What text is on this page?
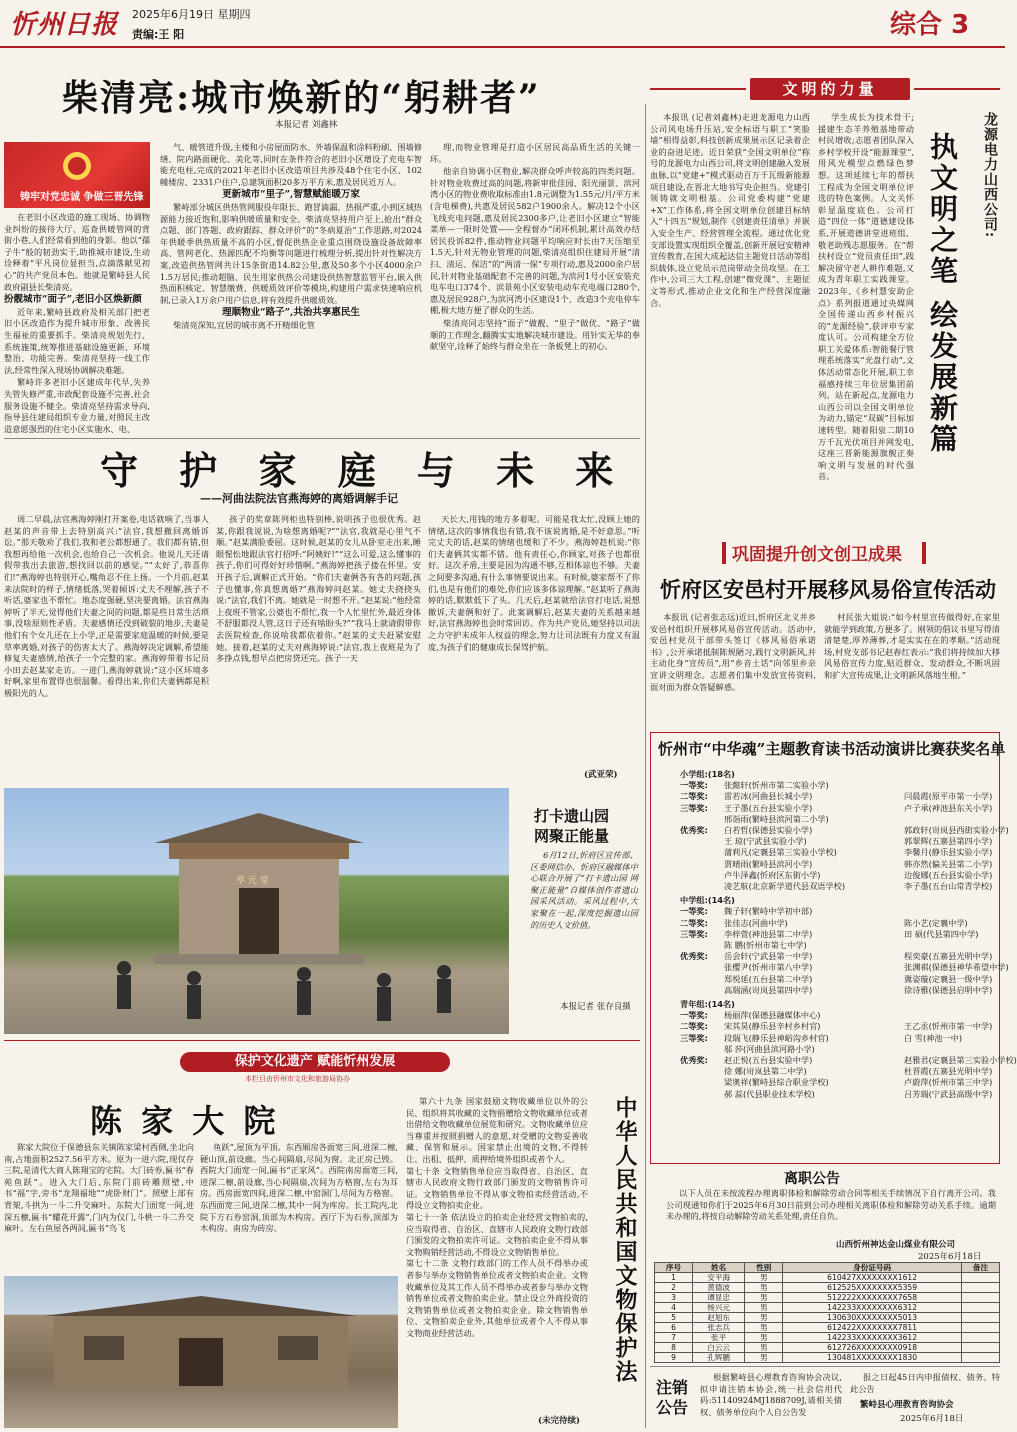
忻州日报 2025年6月19日 星期四
责编:王 阳	综合 3
柴清亮:城市焕新的“躬耕者”
本报记者 刘鑫林
铸牢对党忠诚 争做三晋先锋

在老旧小区改造的施工现场、协调物业纠纷的接待大厅、巡查供暖管网的背街小巷,人们经常看到他的身影。他以“孺子牛”般的韧劲实干,助推城市建设,生动诠释着“平凡岗位显担当,点滴落献见初心”的共产党员本色。他就是繁峙县人民政府副县长柴清亮。

扮靓城市“面子”,老旧小区焕新颜

近年来,繁峙县政府及相关部门把老旧小区改造作为提升城市形象、改善民生福祉的重要抓手。柴清亮规划先行、系统施策,统筹推进基础设施更新、环境整治、功能完善。柴清亮坚持一线工作法,经常性深入现场协调解决难题。

繁峙许多老旧小区建成年代早,失养失管失修严重,市政配套设施不完善,社会服务设施不健全。柴清亮坚持需求导向,指导县住建局组织专业力量,对照民主改造意愿强烈的住宅小区实施水、电、

气、暖管道升级,主楼和小房屋面防水、外墙保温和涂料粉刷、围墙修缮、院内路面硬化、美化等,同时在条件符合的老旧小区增设了充电车智能充电柱,完成的2021年老旧小区改造项目共涉及48个住宅小区、102幢楼房、2331户住户,总建筑面积20多万平方米,惠及居民近万人。

更新城市“里子”,智慧赋能暖万家

繁峙部分城区供热管网服役年限长、跑冒滴漏、热损严重,小到区域热源能力接近饱和,影响供暖质量和安全。柴清亮坚持用户至上,抢出“群众点题、部门答题、政府跟踪、群众评价”的“冬病夏治”工作思路,对2024年供暖季供热质量不高的小区,督促供热企业重点围绕设施设备故障率高、管网老化、热源匹配不均衡等问题进行梳理分析,提出针对性解决方案,改造供热管网共计15条街道14.82公里,惠及50多个小区4000余户1.5万居民;推动超脑、民生用家供热公司建设供热智慧监管平台,嵌入供热面积核定、智慧缴费、供暖质效评价等模块,构建用户需求快速响应机制,已录入1万余户用户信息,将有效提升供暖质效。

理顺物业“路子”,共治共享惠民生

柴清亮深知,宜居的城市离不开精细化管

理,而物业管理是打造小区居民高品质生活的关键一环。

他亲自协调小区物业,解决群众呼声较高的四类问题。针对物业收费过高的问题,将新审批佳园、阳光丽景、滨河湾小区的物业费收取标准由1.8元调整为1.55元/月/平方米(含电梯费),共惠及居民582户1900余人。解决12个小区飞线充电问题,惠及居民2300多户,让老旧小区建立“智能菜单—一限时处置——全程督办”闭环机制,累计高效办结居民投诉82件,推动物业问题平均响应时长由7天压缩至1.5天,针对无物业管理的问题,柴清亮组织住建局开展“清扫、清运、保洁”的“两清一保”专项行动,惠及2000余户居民,针对物业基础配套不完善的问题,为滨河1号小区安装充电车电口374个、滨景苑小区安装电动车充电端口280个,惠及居民928户,为滨河湾小区建设1个、改造3个充电停车棚,极大地方便了群众的生活。

柴清亮同志坚持“面子”做靓、“里子”做优、“路子”做顺的工作理念,翻腾实实地解决城市建设。用针实无华的奉献坚守,诠释了始终与群众坐在一条板凳上的初心。

文明的力量
龙源电力山西公司:
执文明之笔 绘发展新篇

本报讯 (记者刘鑫林)走进龙源电力山西公司风电场升压站,安全标语与职工“笑脸墙”相得益彰,科技创新成果展示区记录着企业的奋进足迹。近日荣获“全国文明单位”称号的龙源电力山西公司,将文明创建融入发展血脉,以“党建+”模式驱动百万千瓦级新能源项目建设,在晋北大地书写央企担当。党建引领铸就文明根基。公司党委构建“党建+X”工作体系,将全国文明单位创建目标纳入“十四五”规划,制作《创建责任清单》并嵌入安全生产、经营管理全流程。通过优化党支部设置实现组织全覆盖,创新开展冠安精神宣传教育,在国大成起达信主题党日活动等组织载体,设立党员示范岗带动全员攻坚。在工作中,公司三大工程,创建“微党课”、主题征文等形式,推动企业文化和生产经营深度融合。

学生成长为技术骨干;援建生态羊养殖基地带动村民增收;志愿者团队深入乡村学校开设“能源课堂”,用风光模型点燃绿色梦想。这项延续七年的帮扶工程成为全国文明单位评选的特色案例。人文关怀彰显温度底色。公司打造“四位一体”道德建设体系,开展道德讲堂进班组、敬老助残志愿服务。在“帮扶村设立“党员责任田”,践解决留守老人耕作难题,又成为青年职工实践课堂。2023年,《乡村慧安助企点》系列报道通过央媒网全国传递山西乡村振兴的“龙源经验”,获评申专家度认可。公司构建全方位职工关爱体系:智能餐厅管理系统落实“光盘行动”,文体活动常态化开展,职工幸福感持续三年位居集团前列。站在新起点,龙源电力山西公司以全国文明单位为动力,锚定“双碳”目标加速转型。随着阳泉二期10万千瓦光伏项目并网发电,这座三晋新能源旗舰正奏响文明与发展的时代强音。

守 护 家 庭 与 未 来
——河曲法院法官燕海婷的离婚调解手记

周二早晨,法官燕海婷刚打开案卷,电话就响了,当事人赵某的声音带上去特别高兴:“法官,我想撤回离婚诉讼。”那天敬劝了我们,我和老公都想通了。我们都有错,但我想再给他一次机会,也给自己一次机会。他说儿天还请假带我出去旅游,想找回以前的感觉。”“太好了,恭喜你们!”燕海婷也特别开心,嘴角忍不住上扬。一个月前,赵某来法院时的样子,情绪低落,哭着倾诉:丈夫不理解,孩子不听话,婆家也不帮忙。地态度强硬,坚决要离婚。法官燕海婷听了半天,觉得他们夫妻之间的问题,都是些日常生活琐事,没啥原则性矛盾。夫妻感情还没到破裂的地步,夫妻是他们有个女儿还在上小学,正是需要家庭温暖的时候,要是草率离婚,对孩子的伤害太大了。燕海婷决定调解,希望能修复夫妻感情,给孩子一个完整的家。燕海婷带着书记员小田去赵某家走访。一进门,燕海婷就说:“这小区环境多好啊,家里布置得也很温馨。看得出来,你们夫妻俩都是积极阳光的人。

孩子的奖章陈列柜也特别棒,说明孩子也很优秀。赵某,你跟我说说,为啥想离婚呢?”“法官,我就是心里气不顺。”赵某满脸委屈。这时候,赵某的女儿从卧室走出来,睡眼惺忪地跟法官打招呼:“阿姨好!”“这么可爱,这么懂事的孩子,你们可得好好珍惜啊。”燕海婷把孩子搂在怀里。安开孩子后,调解正式开始。“你们夫妻俩各有各的问题,孩子也懂事,你真想离婚?”燕海婷问赵某。她丈夫挠挠头说:“法官,我们不离。她就是一时想不开。”赵某说:“他经常上夜班不管家,公婆也不帮忙,我一个人忙里忙外,最近身体不舒服都没人管,这日子还有啥盼头?”“我马上就请假带你去医院检查,你说啥我都依着你。”赵某的丈夫赶紧安慰她。接着,赵某的丈夫对燕海婷说:“法官,我上夜班是为了多挣点钱,想早点把房贷还完。孩子一天

天长大,用钱的地方多着呢。可能是我太忙,没顾上她的情绪,这次的事情我也有错,我不该说离婚,是不好意思。”听完丈夫的话,赵某的情绪也缓和了不少。燕海婷趁机说:“你们夫妻俩其实都不错。他有责任心,你顾家,对孩子也都很好。这次矛盾,主要是因为沟通不够,互相体谅也不够。夫妻之间要多沟通,有什么事情要说出来。有时候,婆家帮不了你们,也是有他们的难处,你们应该多体谅理解。”赵某听了燕海婷的话,默默低下了头。几天后,赵某就给法官打电话,说想撤诉,夫妻俩和好了。此案调解后,赵某夫妻的关系越来越好,法官燕海婷也会时常回访。作为共产党员,她坚持以司法之力守护未成年人权益的理念,努力让司法既有力度又有温度,为孩子们的健康成长保驾护航。

(武亚荣)
巩固提升创文创卫成果
忻府区安邑村开展移风易俗宣传活动

本报讯 (记者张志远)近日,忻府区北义井乡安邑村组织开展移风易俗宣传活动。活动中,安邑村党员干部带头签订《移风易俗承诺书》,公开承诺抵制陈规陋习,践行文明新风,并主动化身“宣传员”,用“乡音土话”向邻里乡亲宣讲文明理念。志愿者们集中发放宣传资料,面对面为群众答疑解惑。

村民张大姐说:“如今村里宣传做得好,在家里就能学到政策,方便多了。刚领的倡议书里写得清清楚楚,厚养薄葬,才是实实在在的孝顺。”活动现场,村党支部书记赵春红表示:“我们将持续加大移风易俗宣传力度,贴近群众、发动群众,不断巩固和扩大宣传成果,让文明新风落地生根。”

忻州市“中华魂”主题教育读书活动演讲比赛获奖名单
小学组:(18名)
一等奖:	张懿轩(忻州市第二实验小学)
二等奖:	雷若冰(河曲县长城小学)	闫晨霞(原平市第一小学)
三等奖:	王子墨(五台县实验小学)	卢子承(神池县东关小学)
邢诣雨(繁峙县滨河第二小学)
优秀奖:	白若哲(保德县实验小学)	郭政轩(岢岚县西街实验小学)
王 琼(宁武县实验小学)	郭翠辉(五寨县第四小学)
蒲莉凡(定襄县第三实验小学校)	李馨月(静乐县实验小学)
贾晴雨(繁峙县滨河小学)	韩亦然(偏关县第二小学)
卢牛泽鑫(忻府区东街小学)	边俊娜(五台县实验小学)
凌艺航(北京新学道代县双语学校)	李子墨(五台山常青学校)
中学组:(14名)
一等奖:	魏子轩(繁峙中学初中部)
二等奖:	张佳志(河曲中学)	陈小艺(定襄中学)
三等奖:	李梓萱(神池县第二中学)	田 硕(代县第四中学)
陈 鹏(忻州市第七中学)
优秀奖:	岳会轩(宁武县第一中学)	程奕豪(五寨县光明中学)
张樱尹(忻州市第八中学)	张渊祺(保德县神华希望中学)
郑悦延(五台县第二中学)	冀姿璇(定襄县一级中学)
高瑞涵(岢岚县第四中学)	徐诗雅(保德县启明中学)
青年组:(14名)
一等奖:	杨丽萍(保德县融媒体中心)
二等奖:	宋其昊(静乐县辛村乡村官)	王乙丞(忻州市第一中学)
三等奖:	段瑞飞(静乐县神峪沟乡村官)	白 雪(神池一中)
邬 莎(河曲县滨河路小学)
优秀奖:	赵正悦(五台县实验中学)	赵雅君(定襄县第三实验小学校)
徐 娜(岢岚县第二中学)	杜晋霞(五寨县光明中学)
梁奥祥(繁峙县综合职业学校)	卢蔚萍(忻州市第三中学)
郝 蕊(代县职业技术学校)	吕芳瑞(宁武县高级中学)
亭 元 堂
打卡遗山园
网聚正能量

6月12日,忻府区宣传部、区委网信办、忻府区融媒体中心联合开展了“打卡遗山园 网聚正能量”自媒体创作者遗山园采风活动。采风过程中,大家聚在一起,深度挖掘遗山园的历史人文价值。

本报记者 张存良摄
保护文化遗产 赋能忻州发展
本栏目由忻州市文化和旅游局协办
陈 家 大 院

陈家大院位于保德县东关镇陈家梁村西侧,坐北向南,占地面积2527.56平方米。原为一进六院,现仅存三院,是清代大商人陈翔宝的宅院。大门砖券,匾书“春苑鱼跃”。进入大门后,东院门前砖雕照壁,中书“福”字,旁书“龙翔福地”“虎卧财门”。照壁上部有背架,斗拱为一斗二升交麻叶。东院大门面宽一间,进深五檩,匾书“耀花开露”,门内为仪门,斗栱一斗二升交麻叶。左右鱼屋各两间,匾书“鸟飞

鱼跃”,屋顶为平顶。东西厢房各面宽三间,进深二檩,硬山顶,前设廊。当心间隔扇,尽间为窗。北正房已毁。西院大门面宽一间,匾书“正家风”。西院南房面宽三间,进深二檩,前设廊,当心间隔扇,次间为方格窗,左右为耳房。西房面宽四间,进深二檩,中窑洞门,尽间为方格窗。东西面宽三间,进深二檩,其中一间为库房。长工院内,北院下方石券窑洞,顶部为木构房。西厅下为石券,顶部为木构房。南房为砖房。

第六十九条 国家鼓励文物收藏单位以外的公民、组织将其收藏的文物捐赠给文物收藏单位或者出借给文物收藏单位展览和研究。文物收藏单位应当尊重并按照捐赠人的意愿,对受赠的文物妥善收藏、保管和展示。国家禁止出境的文物,不得转让、出租、抵押、质押给境外组织或者个人。
第七十条 文物销售单位应当取得省、自治区、直辖市人民政府文物行政部门颁发的文物销售许可证。文物销售单位不得从事文物拍卖经营活动,不得设立文物拍卖企业。
第七十一条 依法设立的拍卖企业经营文物拍卖的,应当取得省、自治区、直辖市人民政府文物行政部门颁发的文物拍卖许可证。文物拍卖企业不得从事文物购销经营活动,不得设立文物销售单位。
第七十二条 文物行政部门的工作人员不得举办或者参与举办文物销售单位或者文物拍卖企业。文物收藏单位及其工作人员不得举办或者参与举办文物销售单位或者文物拍卖企业。禁止设立外商投资的文物销售单位或者文物拍卖企业。除文物销售单位、文物拍卖企业外,其他单位或者个人不得从事文物商业经营活动。

(未完待续)
中华人民共和国文物保护法	离职公告

以下人员在未按流程办理离职体检和解除劳动合同等相关手续情况下自行离开公司。我公司现通知你们于2025年6月30日前到公司办理相关离职体检和解除劳动关系手续。逾期未办理的,将按自动解除劳动关系处理,责任自负。

山西忻州神达金山煤业有限公司
2025年6月18日
序号	姓名	性别	身份证号码	备注
1	安平海	男	610427XXXXXXXX1612	
2	黄德波	男	612525XXXXXXXX5359	
3	谭显忠	男	512222XXXXXXXX7658	
4	杨兴元	男	142233XXXXXXXX6312	
5	赵旭东	男	130630XXXXXXXX5013	
6	张志兵	男	612422XXXXXXXX7811	
7	张平	男	142233XXXXXXXX3612	
8	白云云	男	612726XXXXXXXX0918	
9	孔辉鹏	男	130481XXXXXXXX1830	
注销
公告

根据繁峙县心理教育咨询协会决议,拟申请注销本协会,统一社会信用代码:51140924MJ1888709J,请相关债权、债务单位向个人自公告发

报之日起45日内申报债权、债务。特此公告

繁峙县心理教育咨询协会
2025年6月18日
